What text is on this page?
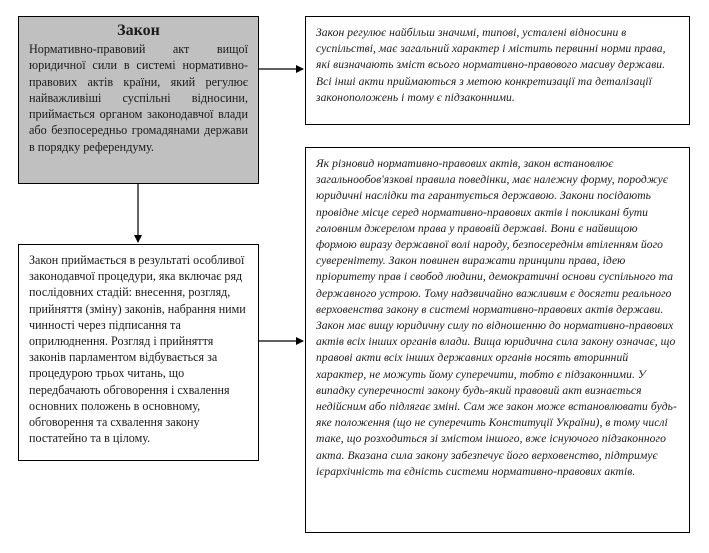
Закон
Нормативно-правовий акт вищої юридичної сили в системі нормативно-правових актів країни, який регулює найважливіші суспільні відносини, приймається органом законодавчої влади або безпосередньо громадянами держави в порядку референдуму.
Закон регулює найбільш значимі, типові, усталені відносини в суспільстві, має загальний характер і містить первинні норми права, які визначають зміст всього нормативно-правового масиву держави. Всі інші акти приймаються з метою конкретизації та деталізації законоположень і тому є підзаконними.
Закон приймається в результаті особливої законодавчої процедури, яка включає ряд послідовних стадій: внесення, розгляд, прийняття (зміну) законів, набрання ними чинності через підписання та оприлюднення. Розгляд і прийняття законів парламентом відбувається за процедурою трьох читань, що передбачають обговорення і схвалення основних положень в основному, обговорення та схвалення закону постатейно та в цілому.
Як різновид нормативно-правових актів, закон встановлює загальнообов'язкові правила поведінки, має належну форму, породжує юридичні наслідки та гарантується державою. Закони посідають провідне місце серед нормативно-правових актів і покликані бути головним джерелом права у правовій державі. Вони є найвищою формою виразу державної волі народу, безпосереднім втіленням його суверенітету. Закон повинен виражати принципи права, ідею пріоритету прав і свобод людини, демократичні основи суспільного та державного устрою. Тому надзвичайно важливим є досягти реального верховенства закону в системі нормативно-правових актів держави. Закон має вищу юридичну силу по відношенню до нормативно-правових актів всіх інших органів влади. Вища юридична сила закону означає, що правові акти всіх інших державних органів носять вторинний характер, не можуть йому суперечити, тобто є підзаконними. У випадку суперечності закону будь-який правовий акт визнається недійсним або підлягає зміні. Сам же закон може встановлювати будь-яке положення (що не суперечить Конституції України), в тому числі таке, що розходиться зі змістом іншого, вже існуючого підзаконного акта. Вказана сила закону забезпечує його верховенство, підтримує ієрархічність та єдність системи нормативно-правових актів.
